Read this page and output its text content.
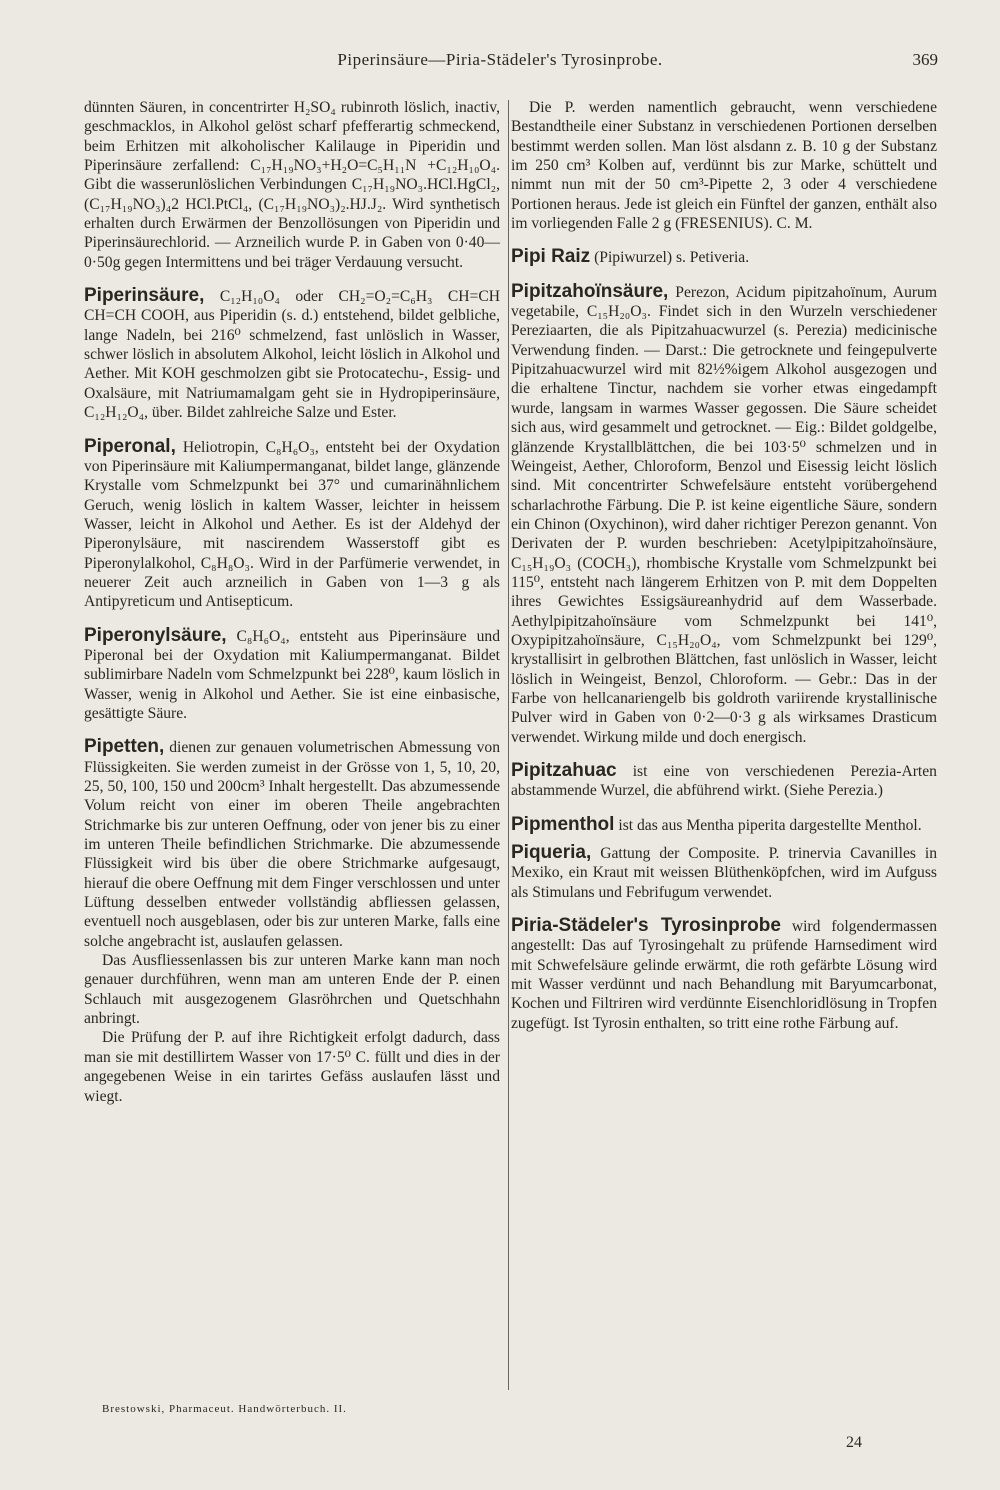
Piperinsäure—Piria-Städeler's Tyrosinprobe.	369

dünnten Säuren, in concentrirter H₂SO₄ rubinroth löslich, inactiv, geschmacklos, in Alkohol gelöst scharf pfefferartig schmeckend, beim Erhitzen mit alkoholischer Kalilauge in Piperidin und Piperinsäure zerfallend: C₁₇H₁₉NO₃+H₂O=C₅H₁₁N +C₁₂H₁₀O₄. Gibt die wasserunlöslichen Verbindungen C₁₇H₁₉NO₃.HCl.HgCl₂, (C₁₇H₁₉NO₃)₄2 HCl.PtCl₄, (C₁₇H₁₉NO₃)₂.HJ.J₂. Wird synthetisch erhalten durch Erwärmen der Benzollösungen von Piperidin und Piperinsäurechlorid. — Arzneilich wurde P. in Gaben von 0·40—0·50g gegen Intermittens und bei träger Verdauung versucht.

Piperinsäure, C₁₂H₁₀O₄ oder CH₂=O₂=C₆H₃ CH=CH CH=CH COOH, aus Piperidin (s. d.) entstehend, bildet gelbliche, lange Nadeln, bei 216⁰ schmelzend, fast unlöslich in Wasser, schwer löslich in absolutem Alkohol, leicht löslich in Alkohol und Aether. Mit KOH geschmolzen gibt sie Protocatechu-, Essig- und Oxalsäure, mit Natriumamalgam geht sie in Hydropiperinsäure, C₁₂H₁₂O₄, über. Bildet zahlreiche Salze und Ester.

Piperonal, Heliotropin, C₈H₆O₃, entsteht bei der Oxydation von Piperinsäure mit Kaliumpermanganat, bildet lange, glänzende Krystalle vom Schmelzpunkt bei 37° und cumarinähnlichem Geruch, wenig löslich in kaltem Wasser, leichter in heissem Wasser, leicht in Alkohol und Aether. Es ist der Aldehyd der Piperonylsäure, mit nascirendem Wasserstoff gibt es Piperonylalkohol, C₈H₈O₃. Wird in der Parfümerie verwendet, in neuerer Zeit auch arzneilich in Gaben von 1—3 g als Antipyreticum und Antisepticum.

Piperonylsäure, C₈H₆O₄, entsteht aus Piperinsäure und Piperonal bei der Oxydation mit Kaliumpermanganat. Bildet sublimirbare Nadeln vom Schmelzpunkt bei 228⁰, kaum löslich in Wasser, wenig in Alkohol und Aether. Sie ist eine einbasische, gesättigte Säure.

Pipetten, dienen zur genauen volumetrischen Abmessung von Flüssigkeiten. Sie werden zumeist in der Grösse von 1, 5, 10, 20, 25, 50, 100, 150 und 200cm³ Inhalt hergestellt. Das abzumessende Volum reicht von einer im oberen Theile angebrachten Strichmarke bis zur unteren Oeffnung, oder von jener bis zu einer im unteren Theile befindlichen Strichmarke. Die abzumessende Flüssigkeit wird bis über die obere Strichmarke aufgesaugt, hierauf die obere Oeffnung mit dem Finger verschlossen und unter Lüftung desselben entweder vollständig abfliessen gelassen, eventuell noch ausgeblasen, oder bis zur unteren Marke, falls eine solche angebracht ist, auslaufen gelassen.

Das Ausfliessenlassen bis zur unteren Marke kann man noch genauer durchführen, wenn man am unteren Ende der P. einen Schlauch mit ausgezogenem Glasröhrchen und Quetschhahn anbringt.

Die Prüfung der P. auf ihre Richtigkeit erfolgt dadurch, dass man sie mit destillirtem Wasser von 17·5⁰ C. füllt und dies in der angegebenen Weise in ein tarirtes Gefäss auslaufen lässt und wiegt.

Die P. werden namentlich gebraucht, wenn verschiedene Bestandtheile einer Substanz in verschiedenen Portionen derselben bestimmt werden sollen. Man löst alsdann z. B. 10 g der Substanz im 250 cm³ Kolben auf, verdünnt bis zur Marke, schüttelt und nimmt nun mit der 50 cm³-Pipette 2, 3 oder 4 verschiedene Portionen heraus. Jede ist gleich ein Fünftel der ganzen, enthält also im vorliegenden Falle 2 g (FRESENIUS). C. M.

Pipi Raiz (Pipiwurzel) s. Petiveria.

Pipitzahoïnsäure, Perezon, Acidum pipitzahoïnum, Aurum vegetabile, C₁₅H₂₀O₃. Findet sich in den Wurzeln verschiedener Pereziaarten, die als Pipitzahuacwurzel (s. Perezia) medicinische Verwendung finden. — Darst.: Die getrocknete und feingepulverte Pipitzahuacwurzel wird mit 82½%igem Alkohol ausgezogen und die erhaltene Tinctur, nachdem sie vorher etwas eingedampft wurde, langsam in warmes Wasser gegossen. Die Säure scheidet sich aus, wird gesammelt und getrocknet. — Eig.: Bildet goldgelbe, glänzende Krystallblättchen, die bei 103·5⁰ schmelzen und in Weingeist, Aether, Chloroform, Benzol und Eisessig leicht löslich sind. Mit concentrirter Schwefelsäure entsteht vorübergehend scharlachrothe Färbung. Die P. ist keine eigentliche Säure, sondern ein Chinon (Oxychinon), wird daher richtiger Perezon genannt. Von Derivaten der P. wurden beschrieben: Acetylpipitzahoïnsäure, C₁₅H₁₉O₃ (COCH₃), rhombische Krystalle vom Schmelzpunkt bei 115⁰, entsteht nach längerem Erhitzen von P. mit dem Doppelten ihres Gewichtes Essigsäureanhydrid auf dem Wasserbade. Aethylpipitzahoïnsäure vom Schmelzpunkt bei 141⁰, Oxypipitzahoïnsäure, C₁₅H₂₀O₄, vom Schmelzpunkt bei 129⁰, krystallisirt in gelbrothen Blättchen, fast unlöslich in Wasser, leicht löslich in Weingeist, Benzol, Chloroform. — Gebr.: Das in der Farbe von hellcanariengelb bis goldroth variirende krystallinische Pulver wird in Gaben von 0·2—0·3 g als wirksames Drasticum verwendet. Wirkung milde und doch energisch.

Pipitzahuac ist eine von verschiedenen Perezia-Arten abstammende Wurzel, die abführend wirkt. (Siehe Perezia.)

Pipmenthol ist das aus Mentha piperita dargestellte Menthol.

Piqueria, Gattung der Composite. P. trinervia Cavanilles in Mexiko, ein Kraut mit weissen Blüthenköpfchen, wird im Aufguss als Stimulans und Febrifugum verwendet.

Piria-Städeler's Tyrosinprobe wird folgendermassen angestellt: Das auf Tyrosingehalt zu prüfende Harnsediment wird mit Schwefelsäure gelinde erwärmt, die roth gefärbte Lösung wird mit Wasser verdünnt und nach Behandlung mit Baryumcarbonat, Kochen und Filtriren wird verdünnte Eisenchloridlösung in Tropfen zugefügt. Ist Tyrosin enthalten, so tritt eine rothe Färbung auf.

Brestowski, Pharmaceut. Handwörterbuch. II.
24
